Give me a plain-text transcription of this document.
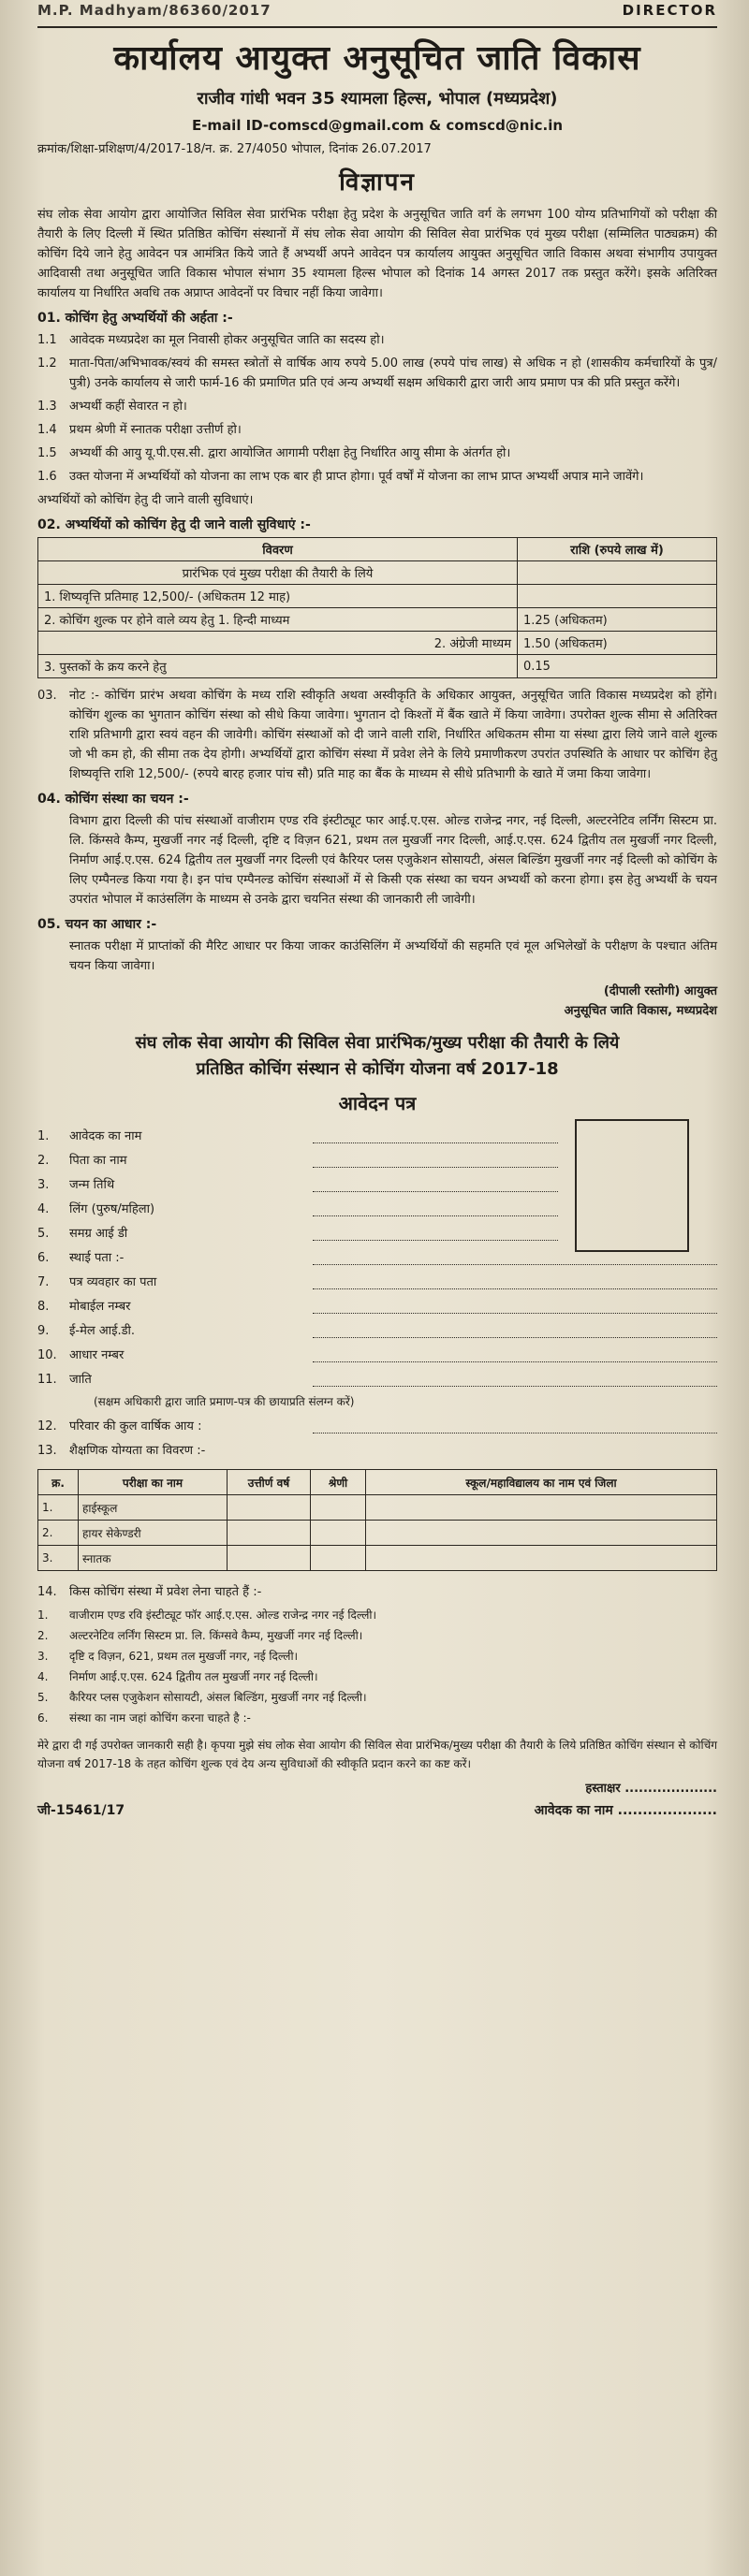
M.P. Madhyam/86360/2017	DIRECTOR
कार्यालय आयुक्त अनुसूचित जाति विकास
राजीव गांधी भवन 35 श्यामला हिल्स, भोपाल (मध्यप्रदेश)
E-mail ID-comscd@gmail.com & comscd@nic.in
क्रमांक/शिक्षा-प्रशिक्षण/4/2017-18/न. क्र. 27/4050 भोपाल, दिनांक 26.07.2017
विज्ञापन

संघ लोक सेवा आयोग द्वारा आयोजित सिविल सेवा प्रारंभिक परीक्षा हेतु प्रदेश के अनुसूचित जाति वर्ग के लगभग 100 योग्य प्रतिभागियों को परीक्षा की तैयारी के लिए दिल्ली में स्थित प्रतिष्ठित कोचिंग संस्थानों में संघ लोक सेवा आयोग की सिविल सेवा प्रारंभिक एवं मुख्य परीक्षा (सम्मिलित पाठ्यक्रम) की कोचिंग दिये जाने हेतु आवेदन पत्र आमंत्रित किये जाते हैं अभ्यर्थी अपने आवेदन पत्र कार्यालय आयुक्त अनुसूचित जाति विकास अथवा संभागीय उपायुक्त आदिवासी तथा अनुसूचित जाति विकास भोपाल संभाग 35 श्यामला हिल्स भोपाल को दिनांक 14 अगस्त 2017 तक प्रस्तुत करेंगे। इसके अतिरिक्त कार्यालय या निर्धारित अवधि तक अप्राप्त आवेदनों पर विचार नहीं किया जावेगा।

01. कोचिंग हेतु अभ्यर्थियों की अर्हता :-
1.1	आवेदक मध्यप्रदेश का मूल निवासी होकर अनुसूचित जाति का सदस्य हो।
1.2	माता-पिता/अभिभावक/स्वयं की समस्त स्त्रोतों से वार्षिक आय रुपये 5.00 लाख (रुपये पांच लाख) से अधिक न हो (शासकीय कर्मचारियों के पुत्र/पुत्री) उनके कार्यालय से जारी फार्म-16 की प्रमाणित प्रति एवं अन्य अभ्यर्थी सक्षम अधिकारी द्वारा जारी आय प्रमाण पत्र की प्रति प्रस्तुत करेंगे।
1.3	अभ्यर्थी कहीं सेवारत न हो।
1.4	प्रथम श्रेणी में स्नातक परीक्षा उत्तीर्ण हो।
1.5	अभ्यर्थी की आयु यू.पी.एस.सी. द्वारा आयोजित आगामी परीक्षा हेतु निर्धारित आयु सीमा के अंतर्गत हो।
1.6	उक्त योजना में अभ्यर्थियों को योजना का लाभ एक बार ही प्राप्त होगा। पूर्व वर्षों में योजना का लाभ प्राप्त अभ्यर्थी अपात्र माने जावेंगे।

अभ्यर्थियों को कोचिंग हेतु दी जाने वाली सुविधाएं।

02. अभ्यर्थियों को कोचिंग हेतु दी जाने वाली सुविधाएं :-
विवरण	राशि (रुपये लाख में)
प्रारंभिक एवं मुख्य परीक्षा की तैयारी के लिये	
1. शिष्यवृत्ति प्रतिमाह 12,500/- (अधिकतम 12 माह)	
2. कोचिंग शुल्क पर होने वाले व्यय हेतु 1. हिन्दी माध्यम	1.25 (अधिकतम)
2. अंग्रेजी माध्यम	1.50 (अधिकतम)
3. पुस्तकों के क्रय करने हेतु	0.15
03.	नोट :- कोचिंग प्रारंभ अथवा कोचिंग के मध्य राशि स्वीकृति अथवा अस्वीकृति के अधिकार आयुक्त, अनुसूचित जाति विकास मध्यप्रदेश को होंगे। कोचिंग शुल्क का भुगतान कोचिंग संस्था को सीधे किया जावेगा। भुगतान दो किश्तों में बैंक खाते में किया जावेगा। उपरोक्त शुल्क सीमा से अतिरिक्त राशि प्रतिभागी द्वारा स्वयं वहन की जावेगी। कोचिंग संस्थाओं को दी जाने वाली राशि, निर्धारित अधिकतम सीमा या संस्था द्वारा लिये जाने वाले शुल्क जो भी कम हो, की सीमा तक देय होगी। अभ्यर्थियों द्वारा कोचिंग संस्था में प्रवेश लेने के लिये प्रमाणीकरण उपरांत उपस्थिति के आधार पर कोचिंग हेतु शिष्यवृत्ति राशि 12,500/- (रुपये बारह हजार पांच सौ) प्रति माह का बैंक के माध्यम से सीधे प्रतिभागी के खाते में जमा किया जावेगा।
04. कोचिंग संस्था का चयन :-

विभाग द्वारा दिल्ली की पांच संस्थाओं वाजीराम एण्ड रवि इंस्टीट्यूट फार आई.ए.एस. ओल्ड राजेन्द्र नगर, नई दिल्ली, अल्टरनेटिव लर्निंग सिस्टम प्रा. लि. किंग्सवे कैम्प, मुखर्जी नगर नई दिल्ली, दृष्टि द विज़न 621, प्रथम तल मुखर्जी नगर दिल्ली, आई.ए.एस. 624 द्वितीय तल मुखर्जी नगर दिल्ली, निर्माण आई.ए.एस. 624 द्वितीय तल मुखर्जी नगर दिल्ली एवं कैरियर प्लस एजुकेशन सोसायटी, अंसल बिल्डिंग मुखर्जी नगर नई दिल्ली को कोचिंग के लिए एम्पैनल्ड किया गया है। इन पांच एम्पैनल्ड कोचिंग संस्थाओं में से किसी एक संस्था का चयन अभ्यर्थी को करना होगा। इस हेतु अभ्यर्थी के चयन उपरांत भोपाल में काउंसलिंग के माध्यम से उनके द्वारा चयनित संस्था की जानकारी ली जावेगी।

05. चयन का आधार :-

स्नातक परीक्षा में प्राप्तांकों की मैरिट आधार पर किया जाकर काउंसिलिंग में अभ्यर्थियों की सहमति एवं मूल अभिलेखों के परीक्षण के पश्चात अंतिम चयन किया जावेगा।

(दीपाली रस्तोगी) आयुक्त
अनुसूचित जाति विकास, मध्यप्रदेश
संघ लोक सेवा आयोग की सिविल सेवा प्रारंभिक/मुख्य परीक्षा की तैयारी के लिये
प्रतिष्ठित कोचिंग संस्थान से कोचिंग योजना वर्ष 2017-18
आवेदन पत्र
1.	आवेदक का नाम
2.	पिता का नाम
3.	जन्म तिथि
4.	लिंग (पुरुष/महिला)
5.	समग्र आई डी
6.	स्थाई पता :-
7.	पत्र व्यवहार का पता
8.	मोबाईल नम्बर
9.	ई-मेल आई.डी.
10.	आधार नम्बर
11.	जाति
(सक्षम अधिकारी द्वारा जाति प्रमाण-पत्र की छायाप्रति संलग्न करें)
12.	परिवार की कुल वार्षिक आय :
13.	शैक्षणिक योग्यता का विवरण :-
क्र.	परीक्षा का नाम	उत्तीर्ण वर्ष	श्रेणी	स्कूल/महाविद्यालय का नाम एवं जिला
1.	हाईस्कूल			
2.	हायर सेकेण्डरी			
3.	स्नातक			
14.	किस कोचिंग संस्था में प्रवेश लेना चाहते हैं :-
1.	वाजीराम एण्ड रवि इंस्टीट्यूट फॉर आई.ए.एस. ओल्ड राजेन्द्र नगर नई दिल्ली।
2.	अल्टरनेटिव लर्निंग सिस्टम प्रा. लि. किंग्सवे कैम्प, मुखर्जी नगर नई दिल्ली।
3.	दृष्टि द विज़न, 621, प्रथम तल मुखर्जी नगर, नई दिल्ली।
4.	निर्माण आई.ए.एस. 624 द्वितीय तल मुखर्जी नगर नई दिल्ली।
5.	कैरियर प्लस एजुकेशन सोसायटी, अंसल बिल्डिंग, मुखर्जी नगर नई दिल्ली।
6.	संस्था का नाम जहां कोचिंग करना चाहते है :-
मेरे द्वारा दी गई उपरोक्त जानकारी सही है। कृपया मुझे संघ लोक सेवा आयोग की सिविल सेवा प्रारंभिक/मुख्य परीक्षा की तैयारी के लिये प्रतिष्ठित कोचिंग संस्थान से कोचिंग योजना वर्ष 2017-18 के तहत कोचिंग शुल्क एवं देय अन्य सुविधाओं की स्वीकृति प्रदान करने का कष्ट करें।
हस्ताक्षर ....................
जी-15461/17	आवेदक का नाम ....................
